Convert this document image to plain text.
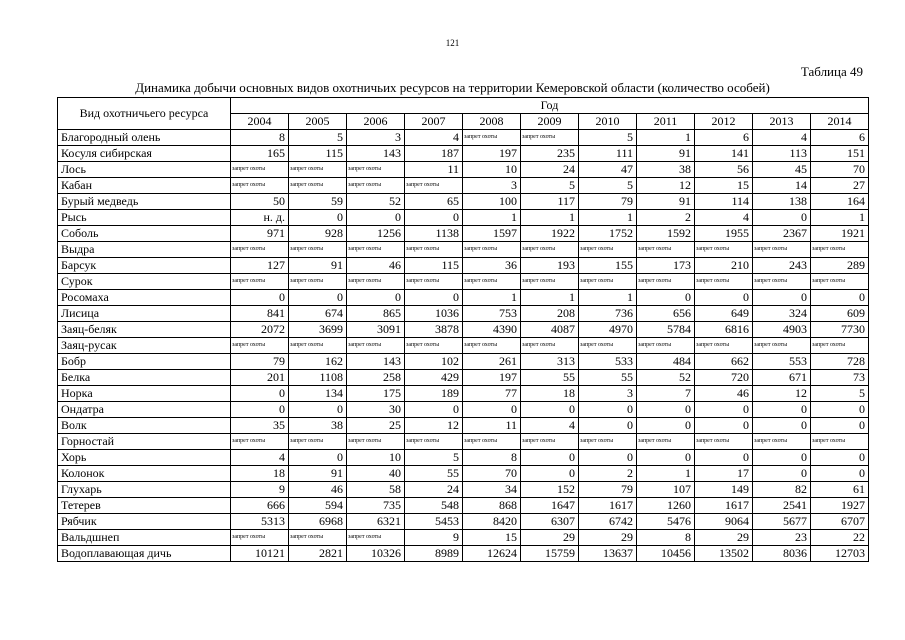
121
Таблица 49
Динамика добычи основных видов охотничьих ресурсов на территории Кемеровской области (количество особей)
Вид охотничьего ресурса	Год										
	2004	2005	2006	2007	2008	2009	2010	2011	2012	2013	2014
Благородный олень	8	5	3	4	запрет охоты	запрет охоты	5	1	6	4	6
Косуля сибирская	165	115	143	187	197	235	111	91	141	113	151
Лось	запрет охоты	запрет охоты	запрет охоты	11	10	24	47	38	56	45	70
Кабан	запрет охоты	запрет охоты	запрет охоты	запрет охоты	3	5	5	12	15	14	27
Бурый медведь	50	59	52	65	100	117	79	91	114	138	164
Рысь	н. д.	0	0	0	1	1	1	2	4	0	1
Соболь	971	928	1256	1138	1597	1922	1752	1592	1955	2367	1921
Выдра	запрет охоты	запрет охоты	запрет охоты	запрет охоты	запрет охоты	запрет охоты	запрет охоты	запрет охоты	запрет охоты	запрет охоты	запрет охоты
Барсук	127	91	46	115	36	193	155	173	210	243	289
Сурок	запрет охоты	запрет охоты	запрет охоты	запрет охоты	запрет охоты	запрет охоты	запрет охоты	запрет охоты	запрет охоты	запрет охоты	запрет охоты
Росомаха	0	0	0	0	1	1	1	0	0	0	0
Лисица	841	674	865	1036	753	208	736	656	649	324	609
Заяц-беляк	2072	3699	3091	3878	4390	4087	4970	5784	6816	4903	7730
Заяц-русак	запрет охоты	запрет охоты	запрет охоты	запрет охоты	запрет охоты	запрет охоты	запрет охоты	запрет охоты	запрет охоты	запрет охоты	запрет охоты
Бобр	79	162	143	102	261	313	533	484	662	553	728
Белка	201	1108	258	429	197	55	55	52	720	671	73
Норка	0	134	175	189	77	18	3	7	46	12	5
Ондатра	0	0	30	0	0	0	0	0	0	0	0
Волк	35	38	25	12	11	4	0	0	0	0	0
Горностай	запрет охоты	запрет охоты	запрет охоты	запрет охоты	запрет охоты	запрет охоты	запрет охоты	запрет охоты	запрет охоты	запрет охоты	запрет охоты
Хорь	4	0	10	5	8	0	0	0	0	0	0
Колонок	18	91	40	55	70	0	2	1	17	0	0
Глухарь	9	46	58	24	34	152	79	107	149	82	61
Тетерев	666	594	735	548	868	1647	1617	1260	1617	2541	1927
Рябчик	5313	6968	6321	5453	8420	6307	6742	5476	9064	5677	6707
Вальдшнеп	запрет охоты	запрет охоты	запрет охоты	9	15	29	29	8	29	23	22
Водоплавающая дичь	10121	2821	10326	8989	12624	15759	13637	10456	13502	8036	12703
